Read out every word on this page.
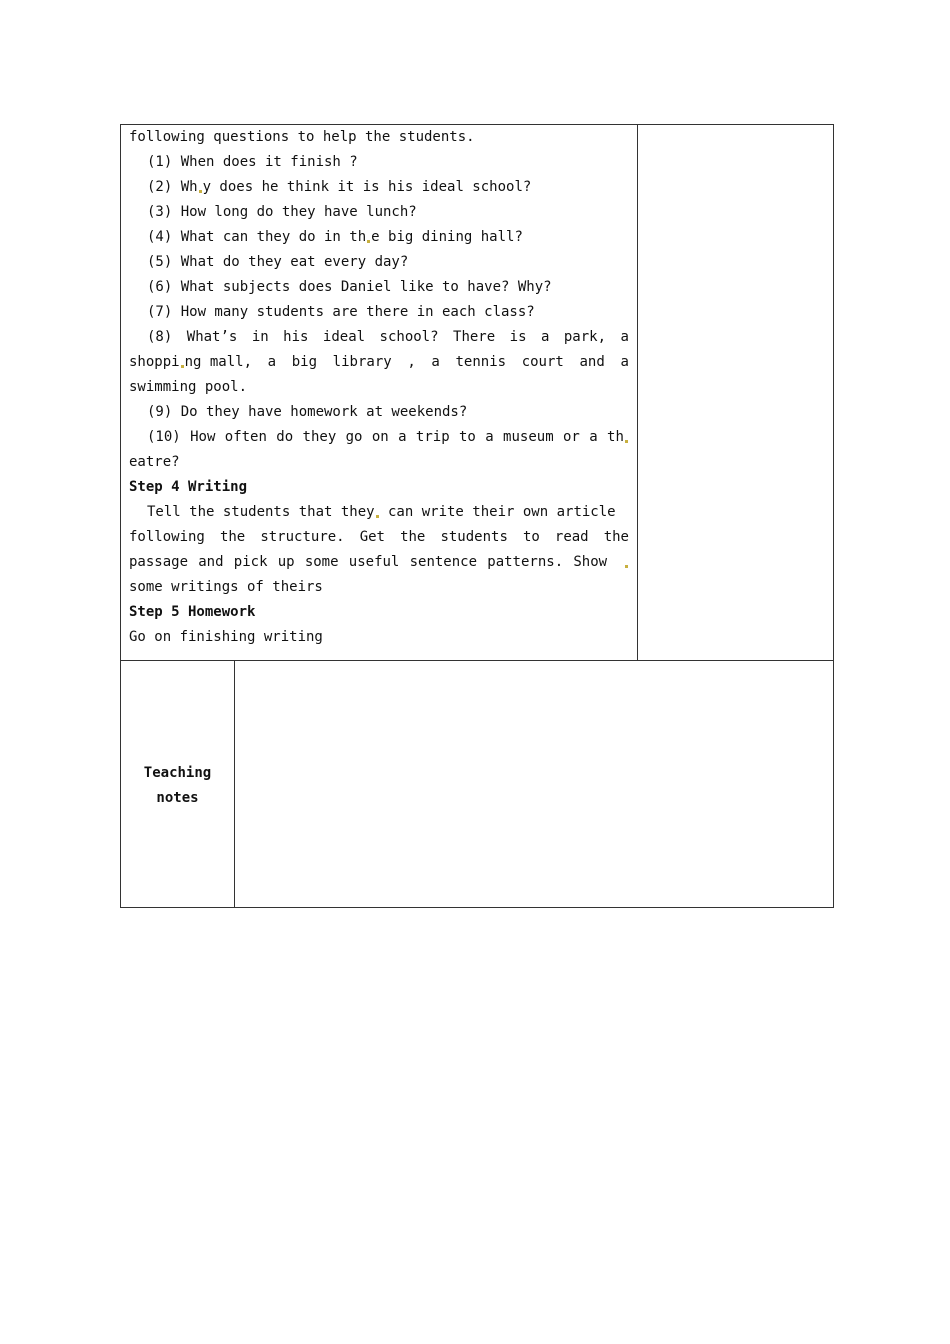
following questions to help the students.
(1) When does it finish ?
(2) Wh y does he think it is his ideal school?
(3) How long do they have lunch?
(4) What can they do in th e big dining hall?
(5) What do they eat every day?
(6) What subjects does Daniel like to have? Why?
(7) How many students are there in each class?
(8) What’s in his ideal school? There is a park, a
shoppi ng mall, a big library , a tennis court and a
swimming pool.
(9) Do they have homework at weekends?
(10) How often do they go on a trip to a museum or a th
eatre?
Step 4 Writing
Tell the students that they can write their own article
following the structure. Get the students to read the
passage and pick up some useful sentence patterns. Show
some writings of theirs
Step 5 Homework
Go on finishing writing
Teaching
notes
